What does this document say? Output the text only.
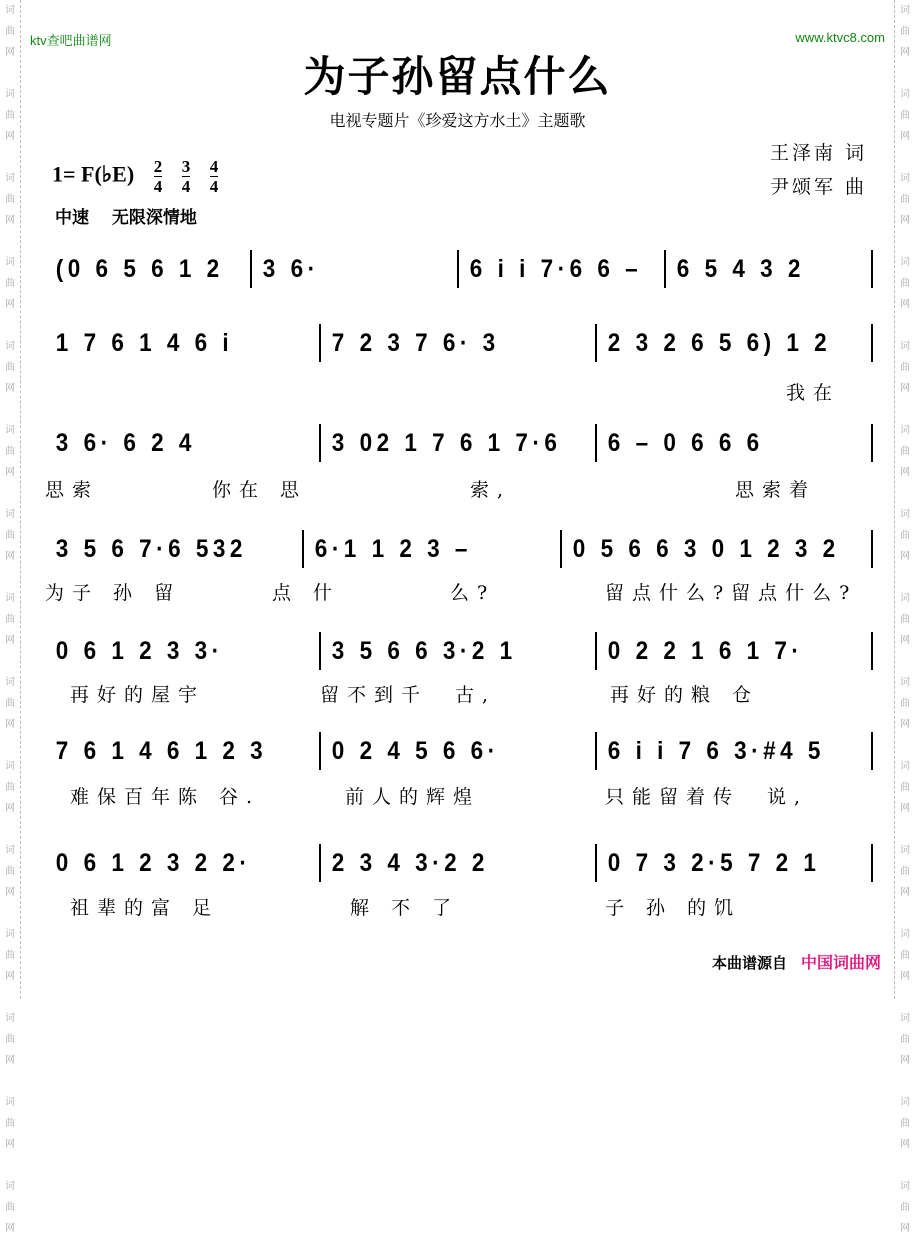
词
曲
网

词
曲
网

词
曲
网

词
曲
网

词
曲
网

词
曲
网

词
曲
网

词
曲
网

词
曲
网

词
曲
网

词
曲
网

词
曲
网

词
曲
网

词
曲
网

词
曲
网

词
曲
网

词
曲
网

词
曲
网

词
曲
网

词
曲
网

词
曲
网

词
曲
网

词
曲
网

词
曲
网

词
曲
网

词
曲
网

词
曲
网

词
曲
网

词
曲
网

词
曲
网

ktv查吧曲谱网	www.ktvc8.com
为子孙留点什么
电视专题片《珍爱这方水土》主题歌
王泽南 词
尹颂军 曲
1= F(♭E) $\frac{2}{4}$
$\frac{3}{4}$
$\frac{4}{4}$
中速　 无限深情地
(0 6 5 6 1 2	3 6·	6 i i 7·6 6 –	6 5 4 3 2
1 7 6 1 4 6 i	7 2 3 7 6· 3	2 3 2 6 5 6) 1 2
我在
3 6· 6 2 4	3 02 1 7 6 1 7·6	6 – 0 6 6 6
思索	你在 思	索,	思索着
3 5 6 7·6 532	6·1 1 2 3 –	0 5 6 6 3 0 1 2 3 2
为子 孙 留	点 什	么?	留点什么?留点什么?
0 6 1 2 3 3·	3 5 6 6 3·2 1	0 2 2 1 6 1 7·
再好的屋宇	留不到千　古,	再好的粮 仓
7 6 1 4 6 1 2 3	0 2 4 5 6 6·	6 i i 7 6 3·#4 5
难保百年陈 谷.	前人的辉煌	只能留着传　说,
0 6 1 2 3 2 2·	2 3 4 3·2 2	0 7 3 2·5 7 2 1
祖辈的富 足	解 不 了	子 孙 的饥
本曲谱源自 中国词曲网
